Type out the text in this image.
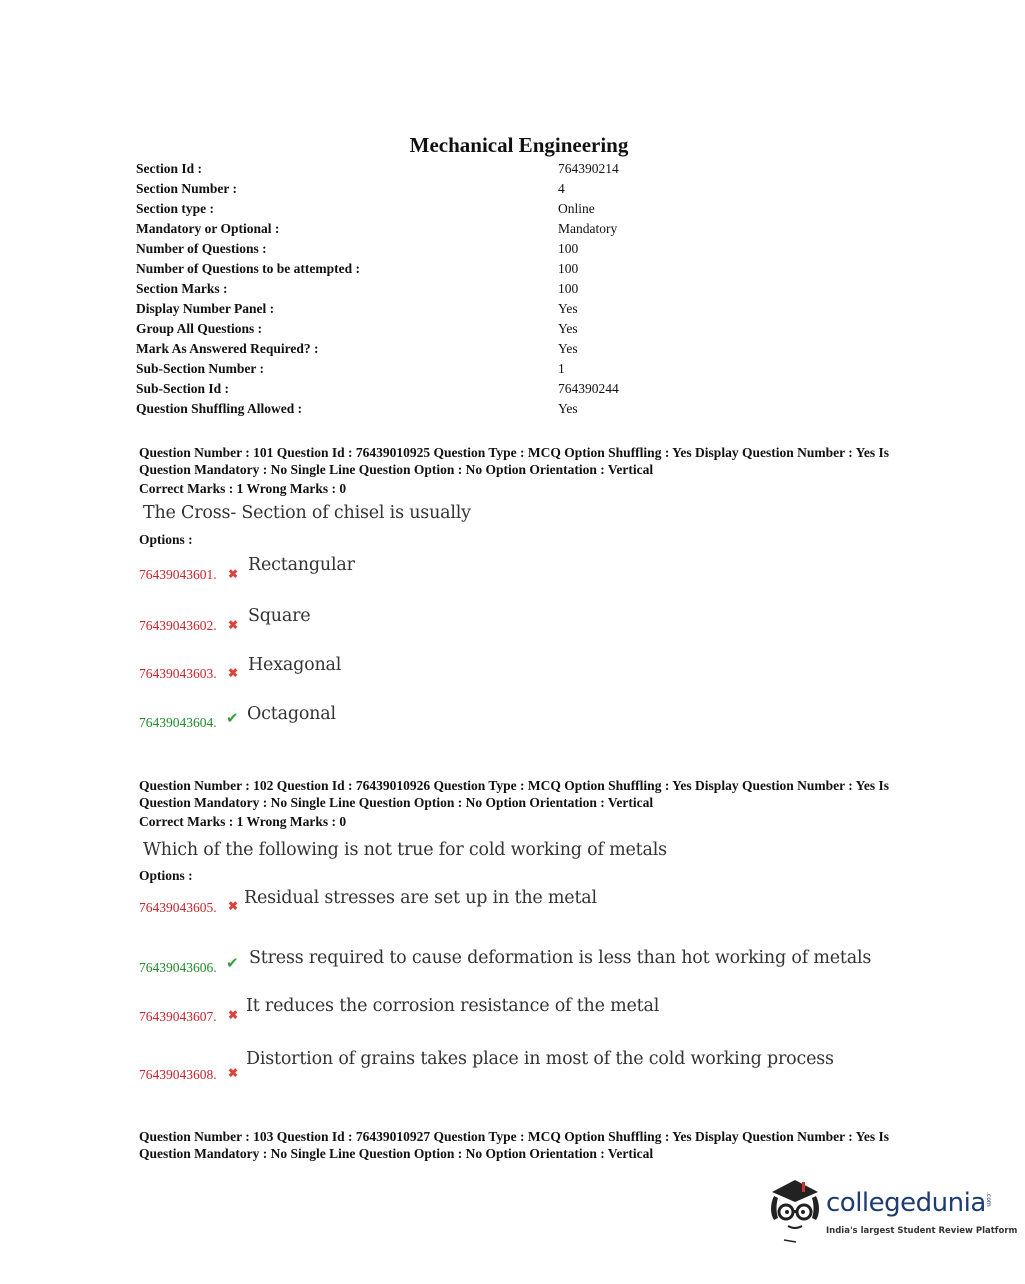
Mechanical Engineering
Section Id :	764390214
Section Number :	4
Section type :	Online
Mandatory or Optional :	Mandatory
Number of Questions :	100
Number of Questions to be attempted :	100
Section Marks :	100
Display Number Panel :	Yes
Group All Questions :	Yes
Mark As Answered Required? :	Yes
Sub-Section Number :	1
Sub-Section Id :	764390244
Question Shuffling Allowed :	Yes
Question Number : 101 Question Id : 76439010925 Question Type : MCQ Option Shuffling : Yes Display Question Number : Yes Is Question Mandatory : No Single Line Question Option : No Option Orientation : Vertical
Correct Marks : 1 Wrong Marks : 0
The Cross- Section of chisel is usually
Options :
76439043601. ✖ Rectangular
76439043602. ✖ Square
76439043603. ✖ Hexagonal
76439043604. ✔ Octagonal
Question Number : 102 Question Id : 76439010926 Question Type : MCQ Option Shuffling : Yes Display Question Number : Yes Is Question Mandatory : No Single Line Question Option : No Option Orientation : Vertical
Correct Marks : 1 Wrong Marks : 0
Which of the following is not true for cold working of metals
Options :
76439043605. ✖ Residual stresses are set up in the metal
76439043606. ✔ Stress required to cause deformation is less than hot working of metals
76439043607. ✖ It reduces the corrosion resistance of the metal
76439043608. ✖
Distortion of grains takes place in most of the cold working process
Question Number : 103 Question Id : 76439010927 Question Type : MCQ Option Shuffling : Yes Display Question Number : Yes Is Question Mandatory : No Single Line Question Option : No Option Orientation : Vertical
collegedunia .com
India's largest Student Review Platform
